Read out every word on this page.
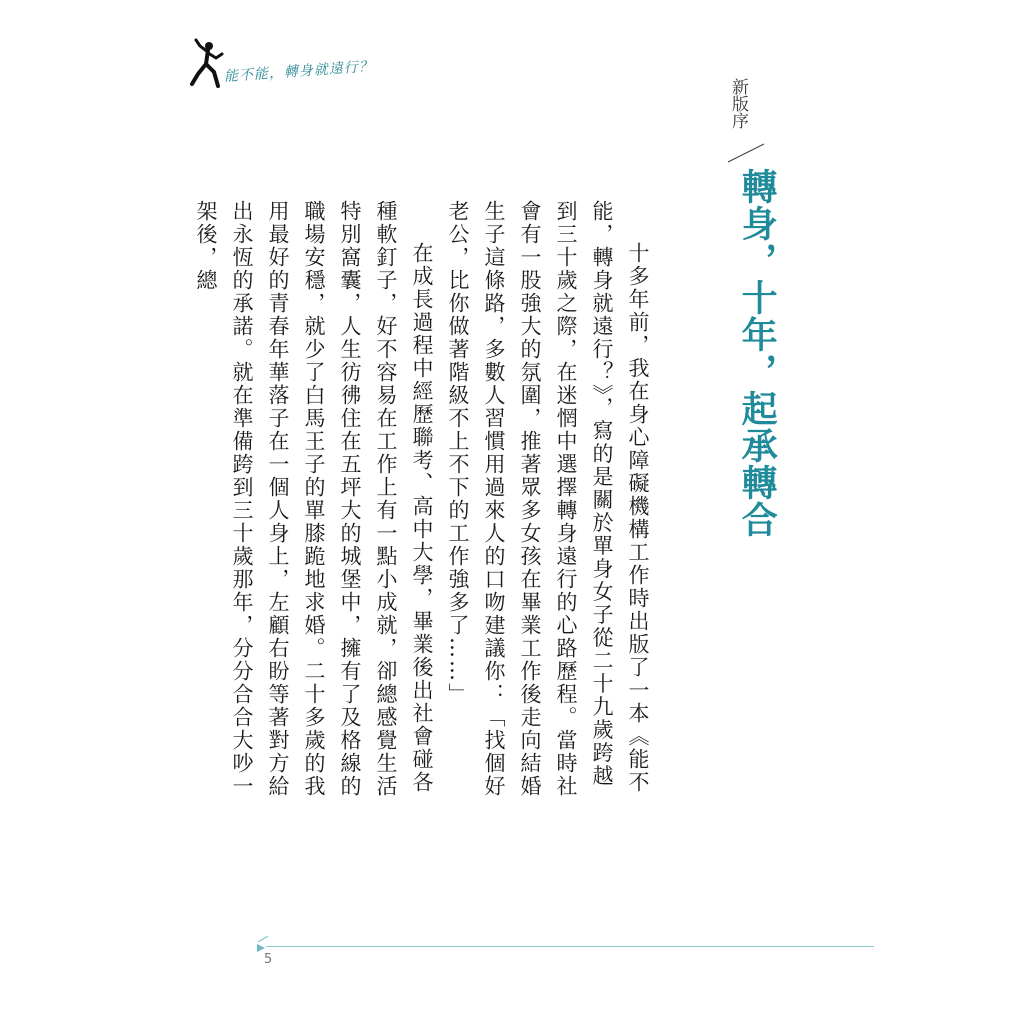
能不能，轉身就遠行？
新版序
轉身，十年，起承轉合

十多年前，我在身心障礙機構工作時出版了一本《能不能，轉身就遠行？》，寫的是關於單身女子從二十九歲跨越到三十歲之際，在迷惘中選擇轉身遠行的心路歷程。當時社會有一股強大的氛圍，推著眾多女孩在畢業工作後走向結婚生子這條路，多數人習慣用過來人的口吻建議你：「找個好老公，比你做著階級不上不下的工作強多了……」

在成長過程中經歷聯考、高中大學，畢業後出社會碰各種軟釘子，好不容易在工作上有一點小成就，卻總感覺生活特別窩囊，人生彷彿住在五坪大的城堡中，擁有了及格線的職場安穩，就少了白馬王子的單膝跪地求婚。二十多歲的我用最好的青春年華落子在一個人身上，左顧右盼等著對方給出永恆的承諾。就在準備跨到三十歲那年，分分合合大吵一架後，總

5
